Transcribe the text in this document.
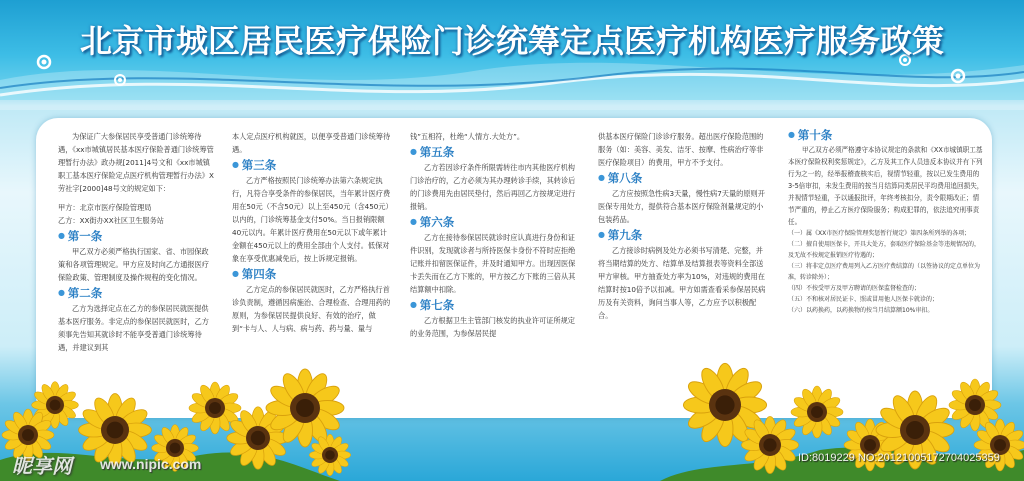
北京市城区居民医疗保险门诊统筹定点医疗机构医疗服务政策

为保证广大参保居民享受普通门诊统筹待遇，《xx市城镇居民基本医疗保险普通门诊统筹管理暂行办法》政办规[2011]4号文和《xx市城镇职工基本医疗保险定点医疗机构管理暂行办法》X劳社字[2000]48号文的规定如下：

甲方：北京市医疗保险管理局

乙方：XX街办XX社区卫生服务站

● 第一条

甲乙双方必须严格执行国家、省、市园保政策和各项管理规定。甲方应及时向乙方通报医疗保险政策、管理制度及操作规程的变化情况。

● 第二条

乙方为选择定点在乙方的参保居民就医提供基本医疗服务。非定点的参保居民就医时，乙方须事先告知其就诊时不能享受普通门诊统筹待遇，并建议到其

本人定点医疗机构就医，以便享受普通门诊统筹待遇。

● 第三条

乙方严格按照民门诊统筹办法第六条规定执行，凡符合享受条件的参保居民，当年累计医疗费用在50元（不含50元）以上至450元（含450元）以内的，门诊统筹基金支付50%。当日报销限额40元以内。年累计医疗费用在50元以下或年累计金额在450元以上的费用全部由个人支付。低保对象在享受优惠减免后，按上诉规定报销。

● 第四条

乙方定点的参保居民就医时，乙方严格执行首诊负责制，遵循因病施治、合理检查、合理用药的原则，为参保居民提供良好、有效的治疗，做到“卡与人、人与病、病与药、药与量、量与

钱”五相符，杜绝“人情方.大处方”。

● 第五条

乙方若因诊疗条件所限需转往市内其他医疗机构门诊治疗的，乙方必须为其办理转诊手续，其转诊后的门诊费用先由居民垫付，然后再回乙方按规定进行报销。

● 第六条

乙方在接待参保居民就诊时应认真进行身份和证件识别，发现就诊者与所持医保卡身份不符时应拒绝记账并扣留医保证件，并及时通知甲方。出现因医保卡丢失而在乙方下账的，甲方按乙方下账的三倍从其结算额中扣除。

● 第七条

乙方根据卫生主管部门核发的执业许可证所规定的业务范围，为参保居民提

供基本医疗保险门诊诊疗服务。超出医疗保险范围的服务（如：美容、美发、洁牙、按摩、性病治疗等非医疗保险项目）的费用，甲方不予支付。

● 第八条

乙方应按照急性病3天量，慢性病7天量的原则开医保专用处方，提供符合基本医疗保险剂量规定的小包装药品。

● 第九条

乙方接诊时病例及处方必须书写清楚、完整，并将当期结算的处方、结算单及结算报表等资料全部送甲方审核。甲方抽查处方率为10%，对违规的费用在结算时按10倍予以扣减。甲方如需查看采参保居民病历及有关资料，询问当事人等，乙方应予以积极配合。

● 第十条

甲乙双方必须严格遵守本协议规定的条款和《XX市城镇职工基本医疗保险权利奖惩规定》，乙方及其工作人员违反本协议并有下列行为之一的，经举报稽查核实后，视情节轻重，按以已发生费用的3-5倍审扣，未发生费用的按当月结算同类居民平均费用追回损失，并视情节轻重，予以通报批评，年终考核扣分，责令限期改正；情节严重的，停止乙方医疗保险服务；构成犯罪的，依法追究刑事责任。

（一）属《XX市医疗保险管理奖惩暂行规定》第四条所列举的各项；

（二）擅自使用医保卡，开具大处方，套取医疗保险基金等违规情况的，及无故不按规定报销医疗待遇的；

（三）将非定点医疗费用列入乙方医疗费结算的（以签协议的定点单位为准，转诊除外）；

（四）不按受甲方及甲方聘请的医保监督检查的；

（五）不和核对居民证卡、照或冒用他人医保卡就诊的；

（六）以药换药，以药换物的按当月结算额10%审扣。

昵享网 www.nipic.com	ID:8019229 NO:20121005172704025359
